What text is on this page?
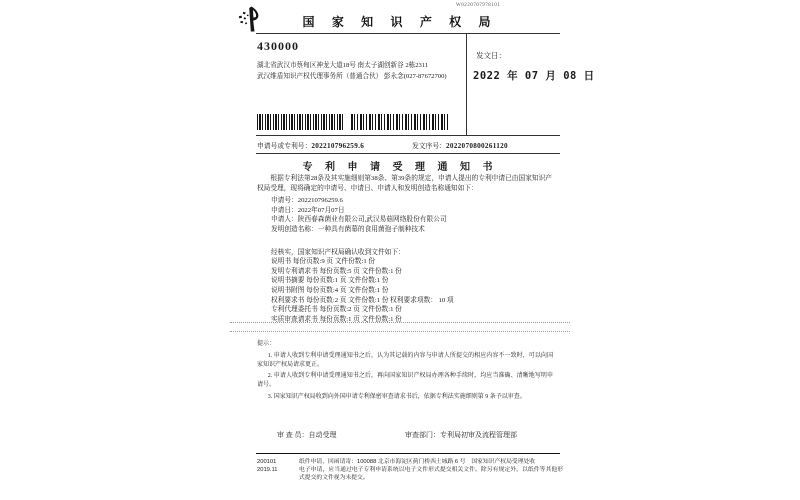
国 家 知 识 产 权 局
W0220707978101
430000
湖北省武汉市蔡甸区神龙大道18号 南太子湖创新谷 2栋2311
武汉维盾知识产权代理事务所（普通合伙） 彭永念(027-87672700)
发文日：
2022 年 07 月 08 日
申请号或专利号：202210796259.6	发文序号：2022070800261120
专 利 申 请 受 理 通 知 书

根据专利法第28条及其实施细则第38条、第39条的规定，申请人提出的专利申请已由国家知识产权局受理，现将确定的申请号、申请日、申请人和发明创造名称通知如下：

申请号：202210796259.6

申请日：2022年07月07日

申请人：陕西春森菌业有限公司,武汉易菇网络股份有限公司

发明创造名称：一种具有菌幕的食用菌孢子制种技术

经核实，国家知识产权局确认收到文件如下：

说明书 每份页数:9 页 文件份数:1 份

发明专利请求书 每份页数:5 页 文件份数:1 份

说明书摘要 每份页数:1 页 文件份数:1 份

说明书附图 每份页数:4 页 文件份数:1 份

权利要求书 每份页数:2 页 文件份数:1 份 权利要求项数： 10 项

专利代理委托书 每份页数:2 页 文件份数:1 份

实质审查请求书 每份页数:1 页 文件份数:1 份

提示：

1. 申请人收到专利申请受理通知书之后，认为其记载的内容与申请人所提交的相应内容不一致时，可以向国家知识产权局请求更正。

2. 申请人收到专利申请受理通知书之后，再向国家知识产权局办理各种手续时，均应当准确、清晰地写明申请号。

3. 国家知识产权局收到向外国申请专利保密审查请求书后，依据专利法实施细则第 9 条予以审查。

审 查 员：自动受理	审查部门：专利局初审及流程管理部
200101	纸件申请，回函请寄：100088 北京市海淀区蓟门桥西土城路 6 号　国家知识产权局受理处收
2019.11	电子申请，应当通过电子专利申请系统以电子文件形式提交相关文件。除另有规定外，以纸件等其他形式提交的文件视为未提交。
